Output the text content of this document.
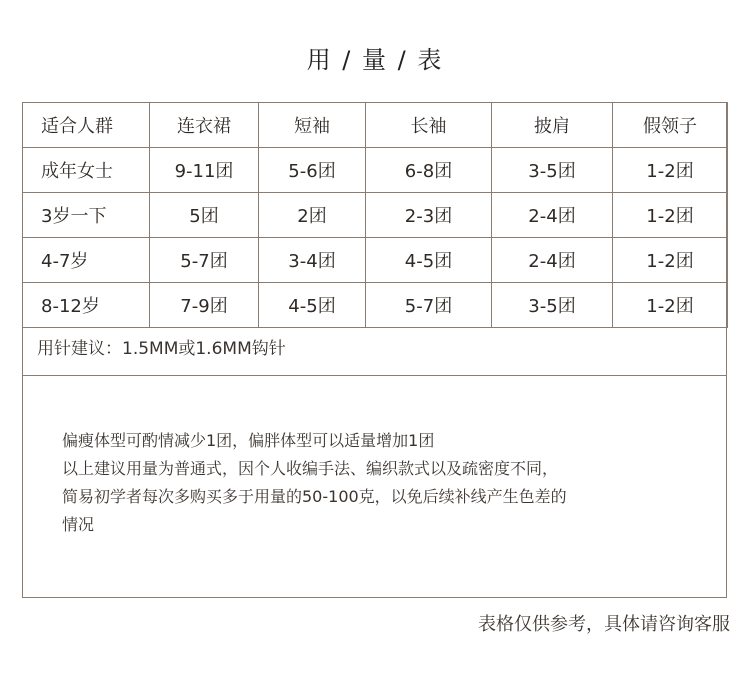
用 / 量 / 表
适合人群	连衣裙	短袖	长袖	披肩	假领子
成年女士	9-11团	5-6团	6-8团	3-5团	1-2团
3岁一下	5团	2团	2-3团	2-4团	1-2团
4-7岁	5-7团	3-4团	4-5团	2-4团	1-2团
8-12岁	7-9团	4-5团	5-7团	3-5团	1-2团
用针建议：1.5MM或1.6MM钩针
偏瘦体型可酌情减少1团，偏胖体型可以适量增加1团
以上建议用量为普通式，因个人收编手法、编织款式以及疏密度不同，
简易初学者每次多购买多于用量的50-100克，以免后续补线产生色差的
情况
表格仅供参考，具体请咨询客服
